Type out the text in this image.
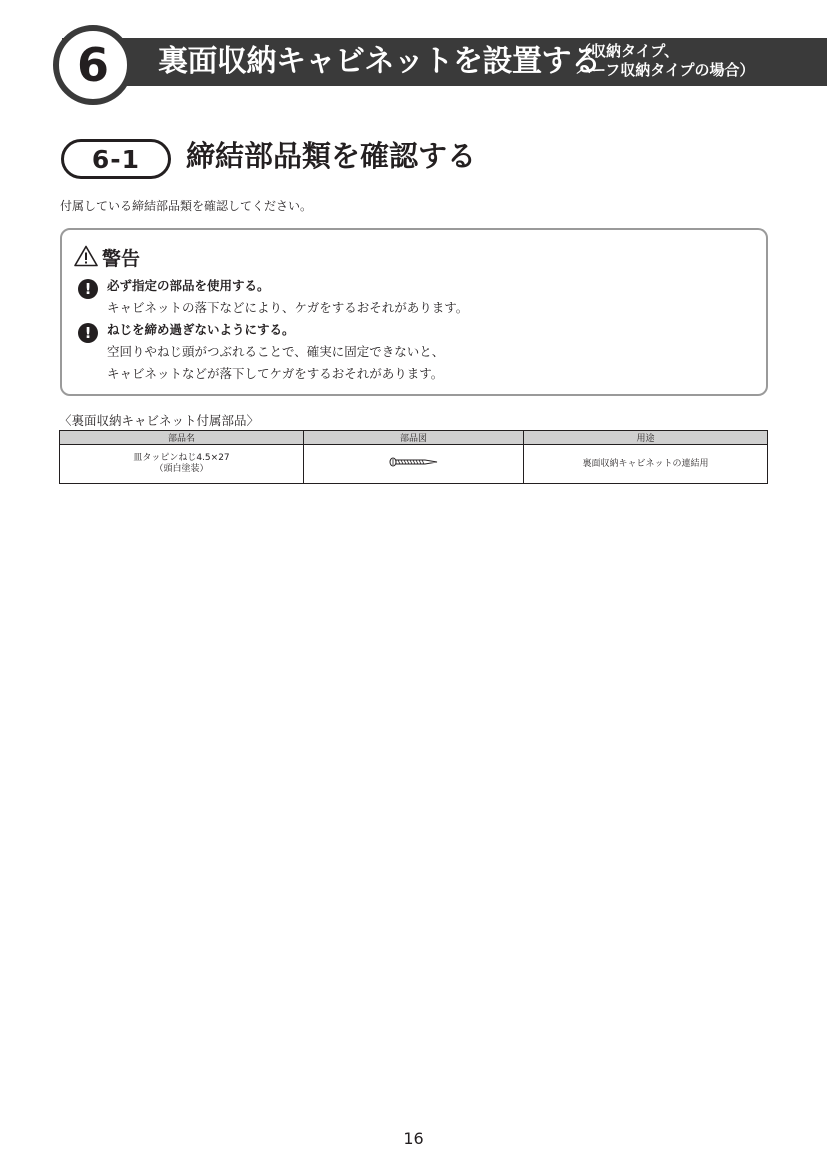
6 裏面収納キャビネットを設置する
（収納タイプ、
ハーフ収納タイプの場合）
6-1 締結部品類を確認する
付属している締結部品類を確認してください。
警告
!	必ず指定の部品を使用する。
キャビネットの落下などにより、ケガをするおそれがあります。
!	ねじを締め過ぎないようにする。
空回りやねじ頭がつぶれることで、確実に固定できないと、
キャビネットなどが落下してケガをするおそれがあります。
〈裏面収納キャビネット付属部品〉
部品名	部品図	用途

皿タッピンねじ4.5×27
（頭白塗装）		裏面収納キャビネットの連結用
16
